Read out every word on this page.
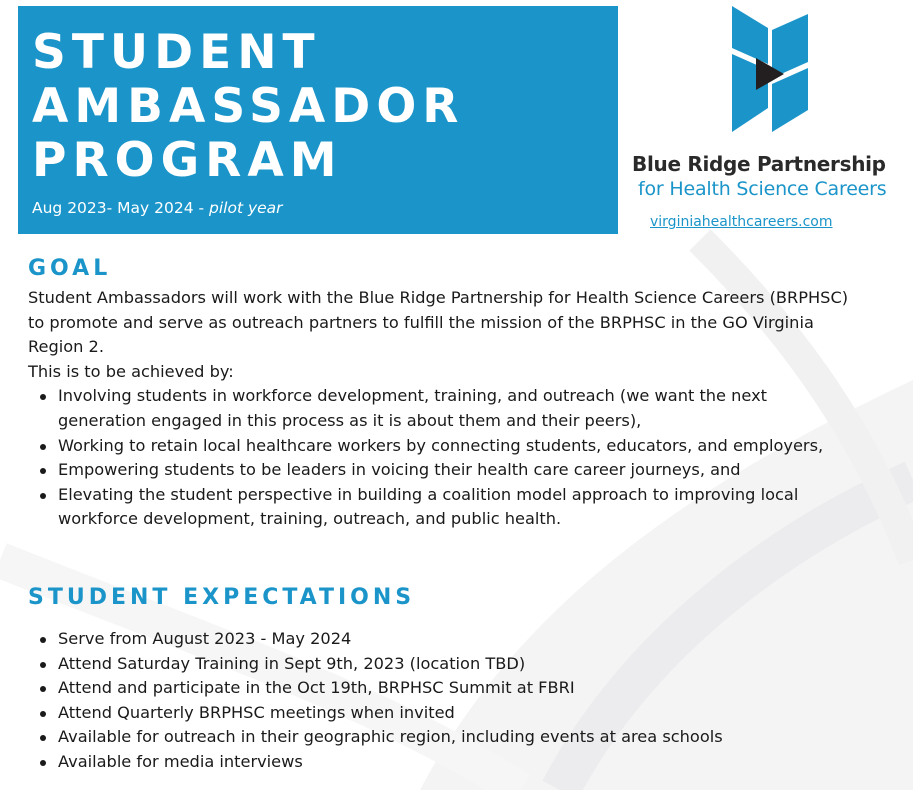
STUDENT
AMBASSADOR
PROGRAM
Aug 2023- May 2024 - pilot year
Blue Ridge Partnership
for Health Science Careers
virginiahealthcareers.com
GOAL

Student Ambassadors will work with the Blue Ridge Partnership for Health Science Careers (BRPHSC) to promote and serve as outreach partners to fulfill the mission of the BRPHSC in the GO Virginia Region 2.

This is to be achieved by:

Involving students in workforce development, training, and outreach (we want the next generation engaged in this process as it is about them and their peers),
Working to retain local healthcare workers by connecting students, educators, and employers,
Empowering students to be leaders in voicing their health care career journeys, and
Elevating the student perspective in building a coalition model approach to improving local workforce development, training, outreach, and public health.
STUDENT EXPECTATIONS
Serve from August 2023 - May 2024
Attend Saturday Training in Sept 9th, 2023 (location TBD)
Attend and participate in the Oct 19th, BRPHSC Summit at FBRI
Attend Quarterly BRPHSC meetings when invited
Available for outreach in their geographic region, including events at area schools
Available for media interviews
